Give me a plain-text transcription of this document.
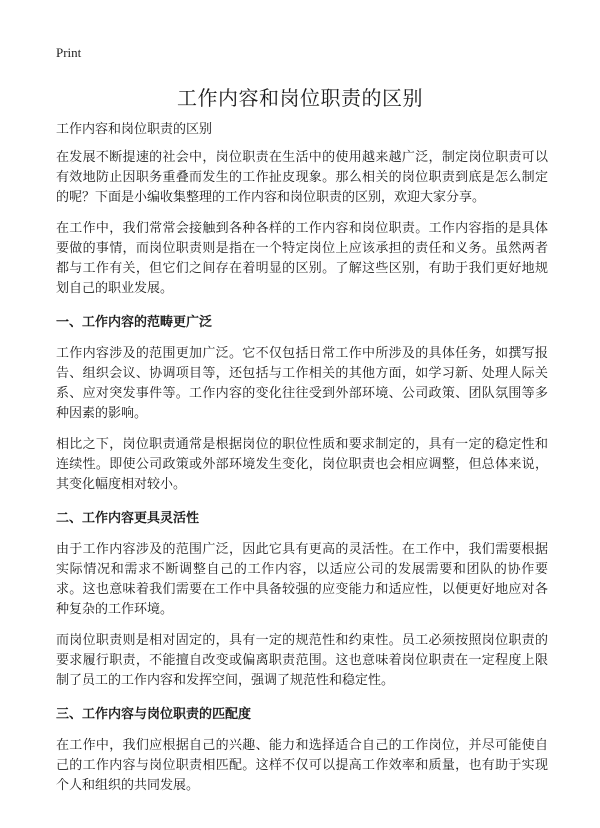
Print
工作内容和岗位职责的区别

工作内容和岗位职责的区别

在发展不断提速的社会中，岗位职责在生活中的使用越来越广泛，制定岗位职责可以有效地防止因职务重叠而发生的工作扯皮现象。那么相关的岗位职责到底是怎么制定的呢？下面是小编收集整理的工作内容和岗位职责的区别，欢迎大家分享。

在工作中，我们常常会接触到各种各样的工作内容和岗位职责。工作内容指的是具体要做的事情，而岗位职责则是指在一个特定岗位上应该承担的责任和义务。虽然两者都与工作有关，但它们之间存在着明显的区别。了解这些区别，有助于我们更好地规划自己的职业发展。

一、工作内容的范畴更广泛

工作内容涉及的范围更加广泛。它不仅包括日常工作中所涉及的具体任务，如撰写报告、组织会议、协调项目等，还包括与工作相关的其他方面，如学习新、处理人际关系、应对突发事件等。工作内容的变化往往受到外部环境、公司政策、团队氛围等多种因素的影响。

相比之下，岗位职责通常是根据岗位的职位性质和要求制定的，具有一定的稳定性和连续性。即使公司政策或外部环境发生变化，岗位职责也会相应调整，但总体来说，其变化幅度相对较小。

二、工作内容更具灵活性

由于工作内容涉及的范围广泛，因此它具有更高的灵活性。在工作中，我们需要根据实际情况和需求不断调整自己的工作内容，以适应公司的发展需要和团队的协作要求。这也意味着我们需要在工作中具备较强的应变能力和适应性，以便更好地应对各种复杂的工作环境。

而岗位职责则是相对固定的，具有一定的规范性和约束性。员工必须按照岗位职责的要求履行职责，不能擅自改变或偏离职责范围。这也意味着岗位职责在一定程度上限制了员工的工作内容和发挥空间，强调了规范性和稳定性。

三、工作内容与岗位职责的匹配度

在工作中，我们应根据自己的兴趣、能力和选择适合自己的工作岗位，并尽可能使自己的工作内容与岗位职责相匹配。这样不仅可以提高工作效率和质量，也有助于实现个人和组织的共同发展。
